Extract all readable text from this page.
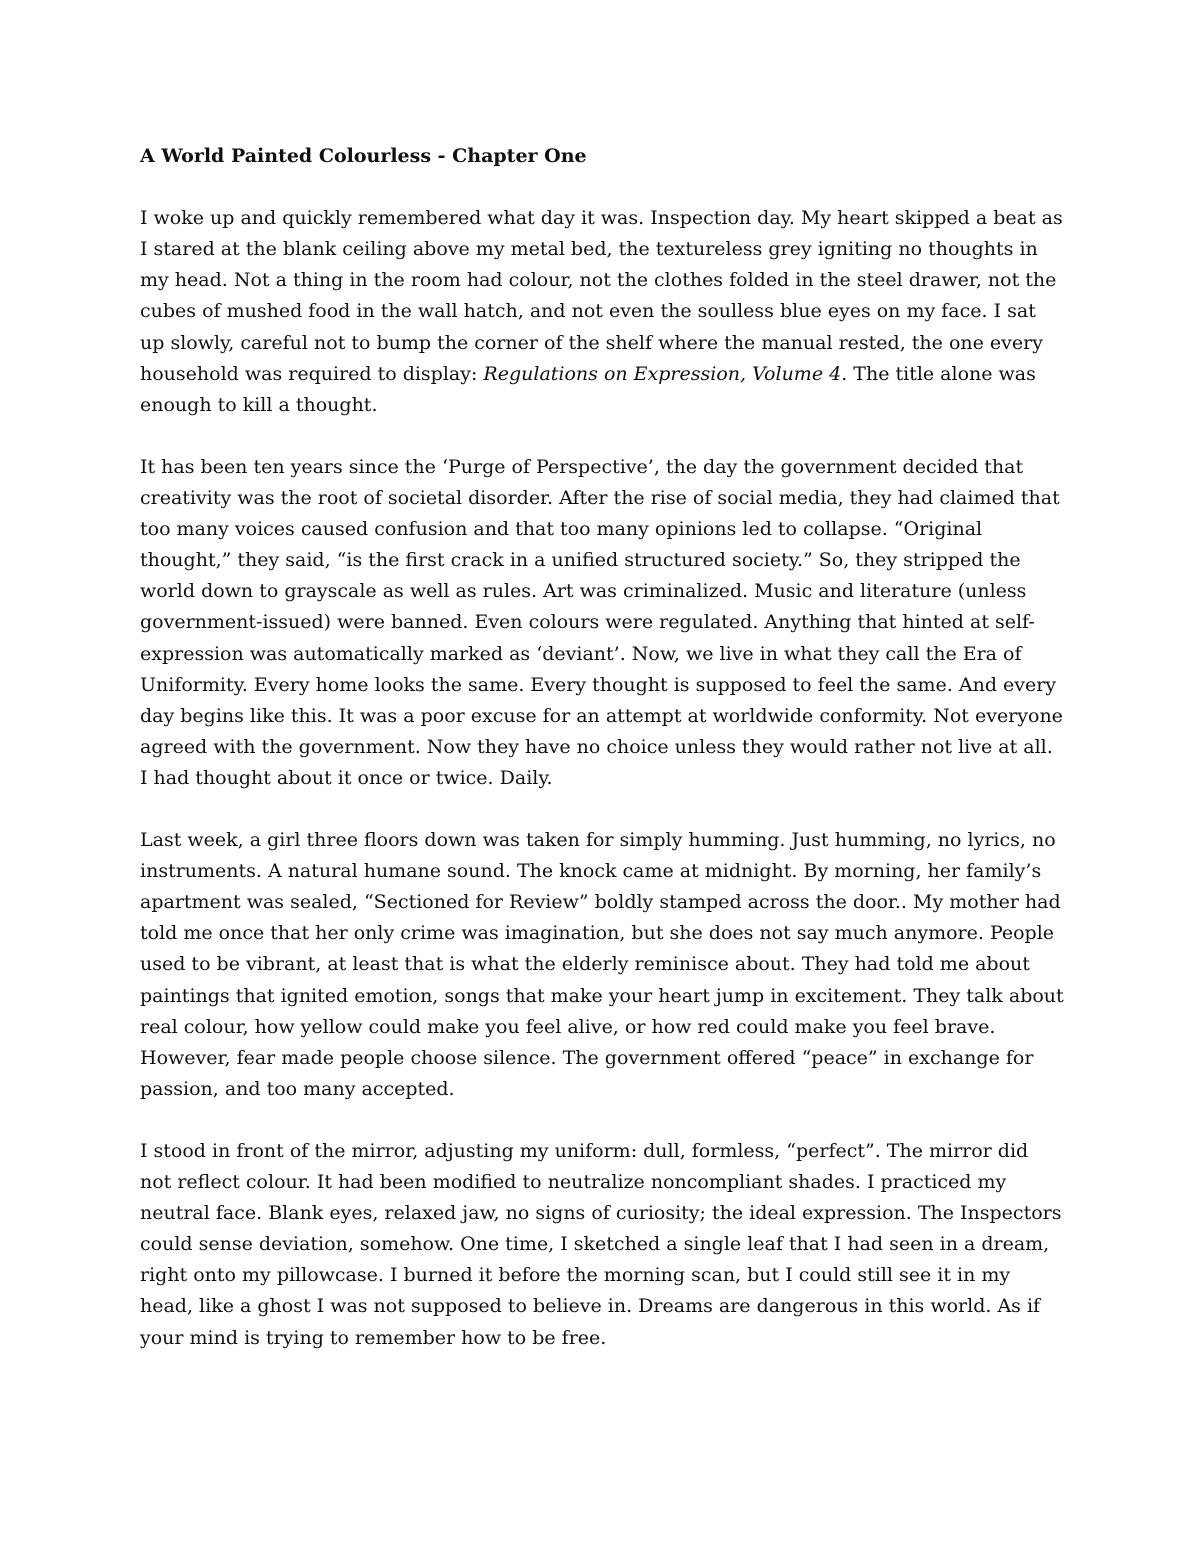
A World Painted Colourless - Chapter One

I woke up and quickly remembered what day it was. Inspection day. My heart skipped a beat as I stared at the blank ceiling above my metal bed, the textureless grey igniting no thoughts in my head. Not a thing in the room had colour, not the clothes folded in the steel drawer, not the cubes of mushed food in the wall hatch, and not even the soulless blue eyes on my face. I sat up slowly, careful not to bump the corner of the shelf where the manual rested, the one every household was required to display: Regulations on Expression, Volume 4. The title alone was enough to kill a thought.

It has been ten years since the ‘Purge of Perspective’, the day the government decided that creativity was the root of societal disorder. After the rise of social media, they had claimed that too many voices caused confusion and that too many opinions led to collapse. “Original thought,” they said, “is the first crack in a unified structured society.” So, they stripped the world down to grayscale as well as rules. Art was criminalized. Music and literature (unless government-issued) were banned. Even colours were regulated. Anything that hinted at self-expression was automatically marked as ‘deviant’. Now, we live in what they call the Era of Uniformity. Every home looks the same. Every thought is supposed to feel the same. And every day begins like this. It was a poor excuse for an attempt at worldwide conformity. Not everyone agreed with the government. Now they have no choice unless they would rather not live at all. I had thought about it once or twice. Daily.

Last week, a girl three floors down was taken for simply humming. Just humming, no lyrics, no instruments. A natural humane sound. The knock came at midnight. By morning, her family’s apartment was sealed, “Sectioned for Review” boldly stamped across the door.. My mother had told me once that her only crime was imagination, but she does not say much anymore. People used to be vibrant, at least that is what the elderly reminisce about. They had told me about paintings that ignited emotion, songs that make your heart jump in excitement. They talk about real colour, how yellow could make you feel alive, or how red could make you feel brave. However, fear made people choose silence. The government offered “peace” in exchange for passion, and too many accepted.

I stood in front of the mirror, adjusting my uniform: dull, formless, “perfect”. The mirror did not reflect colour. It had been modified to neutralize noncompliant shades. I practiced my neutral face. Blank eyes, relaxed jaw, no signs of curiosity; the ideal expression. The Inspectors could sense deviation, somehow. One time, I sketched a single leaf that I had seen in a dream, right onto my pillowcase. I burned it before the morning scan, but I could still see it in my head, like a ghost I was not supposed to believe in. Dreams are dangerous in this world. As if your mind is trying to remember how to be free.
